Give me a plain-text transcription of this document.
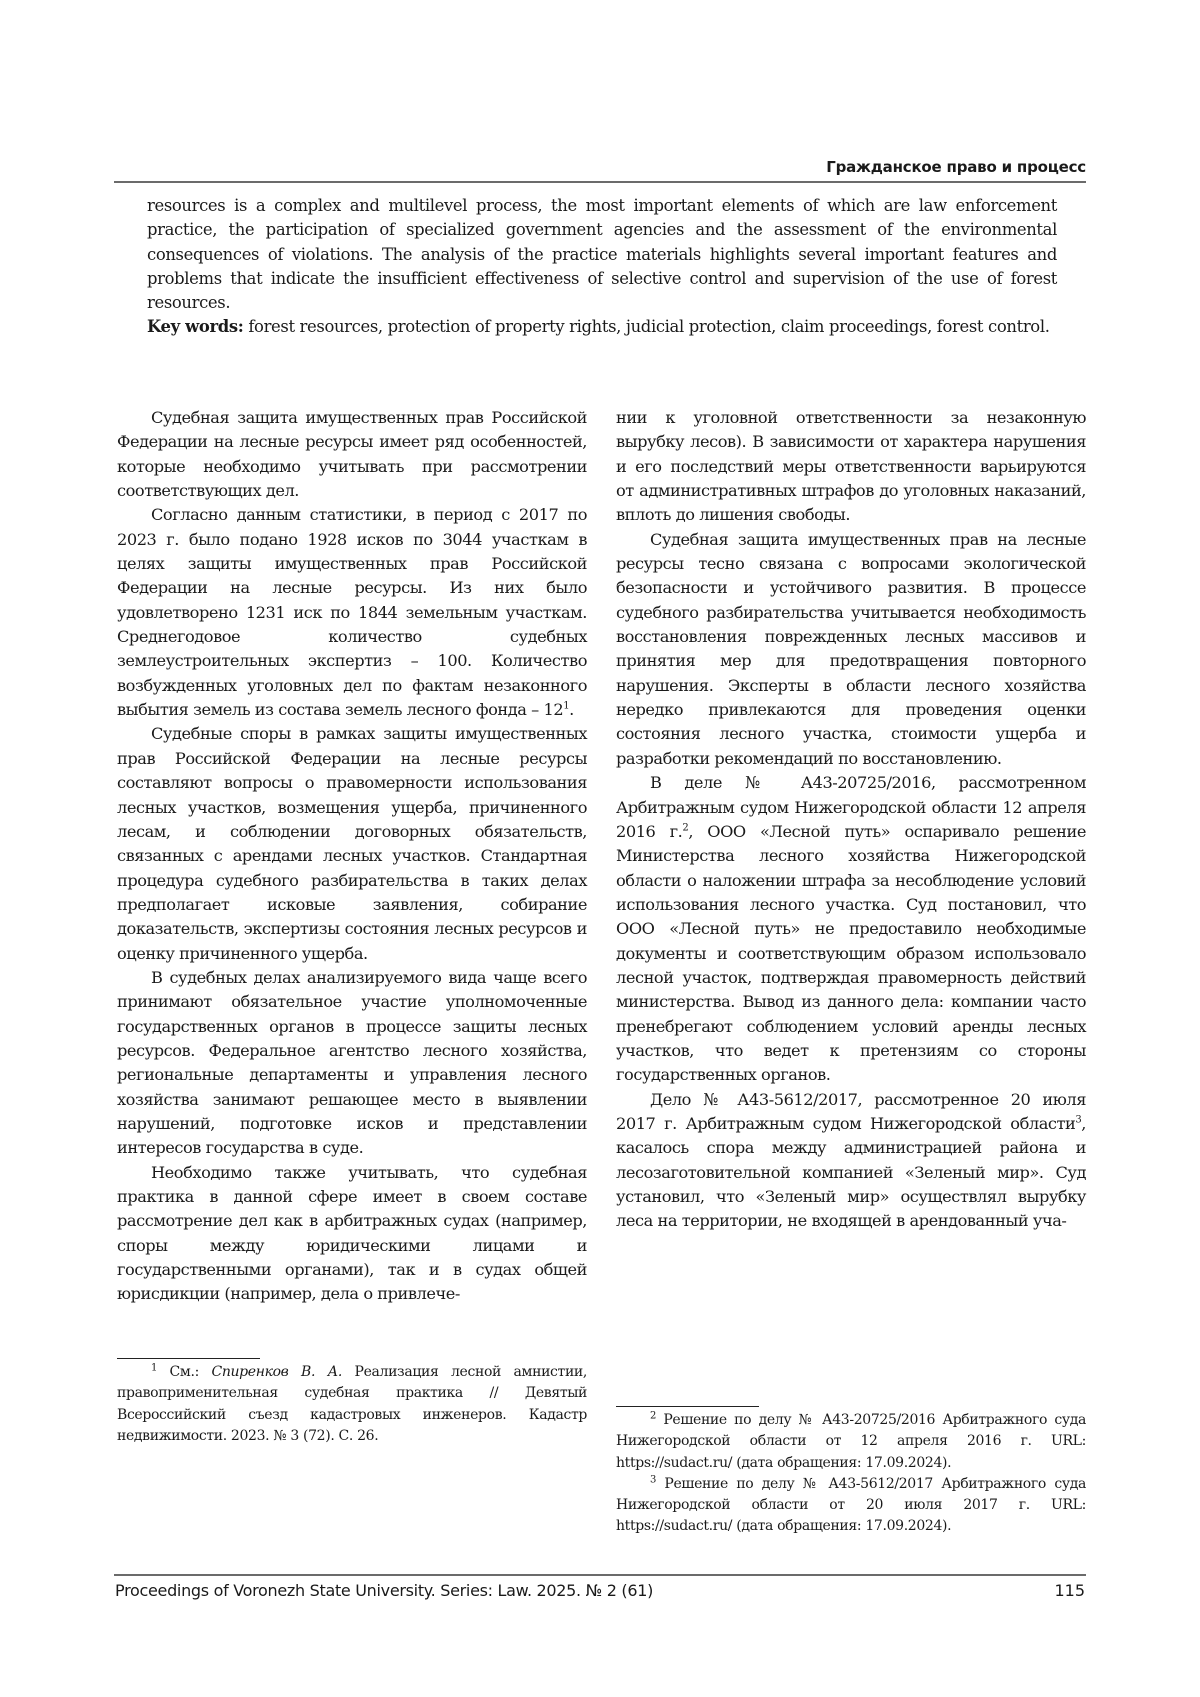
Гражданское право и процесс

resources is a complex and multilevel process, the most important elements of which are law enforcement practice, the participation of specialized government agencies and the assessment of the environmental consequences of violations. The analysis of the practice materials highlights several important features and problems that indicate the insufficient effectiveness of selective control and supervision of the use of forest resources.

Key words: forest resources, protection of property rights, judicial protection, claim proceedings, forest control.

Судебная защита имущественных прав Российской Федерации на лесные ресурсы имеет ряд особенностей, которые необходимо учитывать при рассмотрении соответствующих дел.

Согласно данным статистики, в период с 2017 по 2023 г. было подано 1928 исков по 3044 участкам в целях защиты имущественных прав Российской Федерации на лесные ресурсы. Из них было удовлетворено 1231 иск по 1844 земельным участкам. Среднегодовое количество судебных землеустроительных экспертиз – 100. Количество возбужденных уголовных дел по фактам незаконного выбытия земель из состава земель лесного фонда – $12^1$.

Судебные споры в рамках защиты имущественных прав Российской Федерации на лесные ресурсы составляют вопросы о правомерности использования лесных участков, возмещения ущерба, причиненного лесам, и соблюдении договорных обязательств, связанных с арендами лесных участков. Стандартная процедура судебного разбирательства в таких делах предполагает исковые заявления, собирание доказательств, экспертизы состояния лесных ресурсов и оценку причиненного ущерба.

В судебных делах анализируемого вида чаще всего принимают обязательное участие уполномоченные государственных органов в процессе защиты лесных ресурсов. Федеральное агентство лесного хозяйства, региональные департаменты и управления лесного хозяйства занимают решающее место в выявлении нарушений, подготовке исков и представлении интересов государства в суде.

Необходимо также учитывать, что судебная практика в данной сфере имеет в своем составе рассмотрение дел как в арбитражных судах (например, споры между юридическими лицами и государственными органами), так и в судах общей юрисдикции (например, дела о привлече-

$^1$ См.: Спиренков В. А. Реализация лесной амнистии, правоприменительная судебная практика // Девятый Всероссийский съезд кадастровых инженеров. Кадастр недвижимости. 2023. № 3 (72). С. 26.

нии к уголовной ответственности за незаконную вырубку лесов). В зависимости от характера нарушения и его последствий меры ответственности варьируются от административных штрафов до уголовных наказаний, вплоть до лишения свободы.

Судебная защита имущественных прав на лесные ресурсы тесно связана с вопросами экологической безопасности и устойчивого развития. В процессе судебного разбирательства учитывается необходимость восстановления поврежденных лесных массивов и принятия мер для предотвращения повторного нарушения. Эксперты в области лесного хозяйства нередко привлекаются для проведения оценки состояния лесного участка, стоимости ущерба и разработки рекомендаций по восстановлению.

В деле № А43-20725/2016, рассмотренном Арбитражным судом Нижегородской области 12 апреля 2016 г.$^2$, ООО «Лесной путь» оспаривало решение Министерства лесного хозяйства Нижегородской области о наложении штрафа за несоблюдение условий использования лесного участка. Суд постановил, что ООО «Лесной путь» не предоставило необходимые документы и соответствующим образом использовало лесной участок, подтверждая правомерность действий министерства. Вывод из данного дела: компании часто пренебрегают соблюдением условий аренды лесных участков, что ведет к претензиям со стороны государственных органов.

Дело № А43-5612/2017, рассмотренное 20 июля 2017 г. Арбитражным судом Нижегородской области$^3$, касалось спора между администрацией района и лесозаготовительной компанией «Зеленый мир». Суд установил, что «Зеленый мир» осуществлял вырубку леса на территории, не входящей в арендованный уча-

$^2$ Решение по делу № А43-20725/2016 Арбитражного суда Нижегородской области от 12 апреля 2016 г. URL: https://sudact.ru/ (дата обращения: 17.09.2024).

$^3$ Решение по делу № А43-5612/2017 Арбитражного суда Нижегородской области от 20 июля 2017 г. URL: https://sudact.ru/ (дата обращения: 17.09.2024).

Proceedings of Voronezh State University. Series: Law. 2025. № 2 (61)	115
